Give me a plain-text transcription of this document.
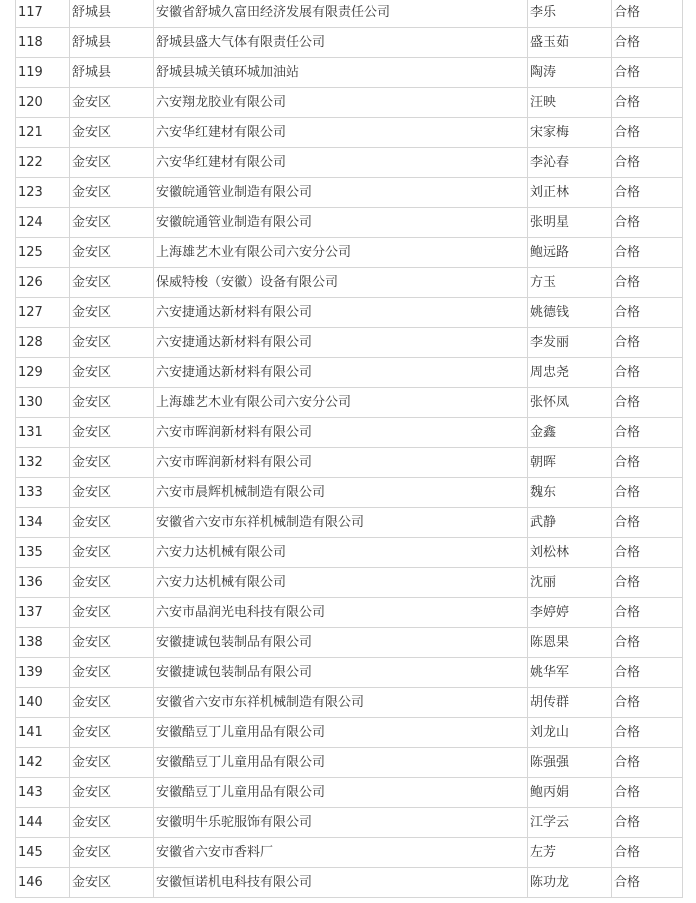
117	舒城县	安徽省舒城久富田经济发展有限责任公司	李乐	合格
118	舒城县	舒城县盛大气体有限责任公司	盛玉茹	合格
119	舒城县	舒城县城关镇环城加油站	陶涛	合格
120	金安区	六安翔龙胶业有限公司	汪映	合格
121	金安区	六安华红建材有限公司	宋家梅	合格
122	金安区	六安华红建材有限公司	李沁春	合格
123	金安区	安徽皖通管业制造有限公司	刘正林	合格
124	金安区	安徽皖通管业制造有限公司	张明星	合格
125	金安区	上海雄艺木业有限公司六安分公司	鲍远路	合格
126	金安区	保威特梭（安徽）设备有限公司	方玉	合格
127	金安区	六安捷通达新材料有限公司	姚德钱	合格
128	金安区	六安捷通达新材料有限公司	李发丽	合格
129	金安区	六安捷通达新材料有限公司	周忠尧	合格
130	金安区	上海雄艺木业有限公司六安分公司	张怀凤	合格
131	金安区	六安市晖润新材料有限公司	金鑫	合格
132	金安区	六安市晖润新材料有限公司	朝晖	合格
133	金安区	六安市晨辉机械制造有限公司	魏东	合格
134	金安区	安徽省六安市东祥机械制造有限公司	武静	合格
135	金安区	六安力达机械有限公司	刘松林	合格
136	金安区	六安力达机械有限公司	沈丽	合格
137	金安区	六安市晶润光电科技有限公司	李婷婷	合格
138	金安区	安徽捷诚包装制品有限公司	陈恩果	合格
139	金安区	安徽捷诚包装制品有限公司	姚华军	合格
140	金安区	安徽省六安市东祥机械制造有限公司	胡传群	合格
141	金安区	安徽酷豆丁儿童用品有限公司	刘龙山	合格
142	金安区	安徽酷豆丁儿童用品有限公司	陈强强	合格
143	金安区	安徽酷豆丁儿童用品有限公司	鲍丙娟	合格
144	金安区	安徽明牛乐驼服饰有限公司	江学云	合格
145	金安区	安徽省六安市香料厂	左芳	合格
146	金安区	安徽恒诺机电科技有限公司	陈功龙	合格
